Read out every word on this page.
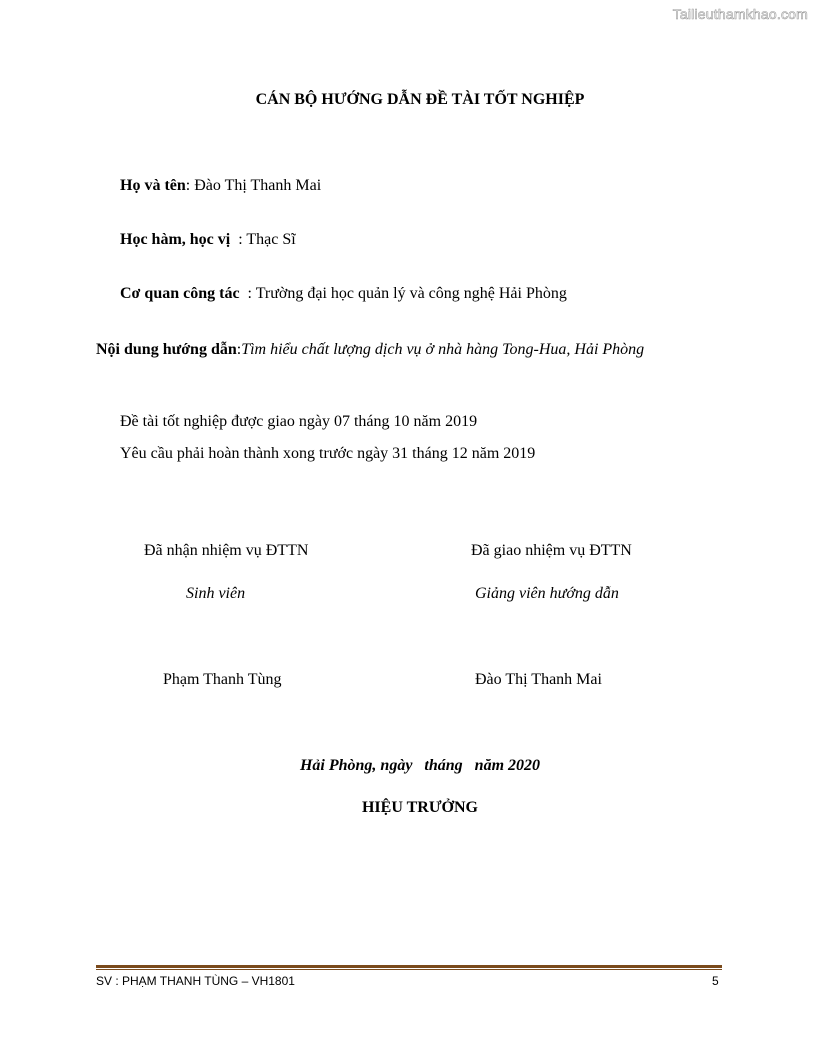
Tailieuthamkhao.com
CÁN BỘ HƯỚNG DẪN ĐỀ TÀI TỐT NGHIỆP
Họ và tên: Đào Thị Thanh Mai
Học hàm, học vị  : Thạc Sĩ
Cơ quan công tác  : Trường đại học quản lý và công nghệ Hải Phòng
Nội dung hướng dẫn:Tìm hiểu chất lượng dịch vụ ở nhà hàng Tong-Hua, Hải Phòng
Đề tài tốt nghiệp được giao ngày 07 tháng 10 năm 2019
Yêu cầu phải hoàn thành xong trước ngày 31 tháng 12 năm 2019
Đã nhận nhiệm vụ ĐTTN
Sinh viên
Phạm Thanh Tùng
Đã giao nhiệm vụ ĐTTN
Giảng viên hướng dẫn
Đào Thị Thanh Mai
Hải Phòng, ngày   tháng   năm 2020
HIỆU TRƯỞNG
SV : PHẠM THANH TÙNG – VH1801	5
